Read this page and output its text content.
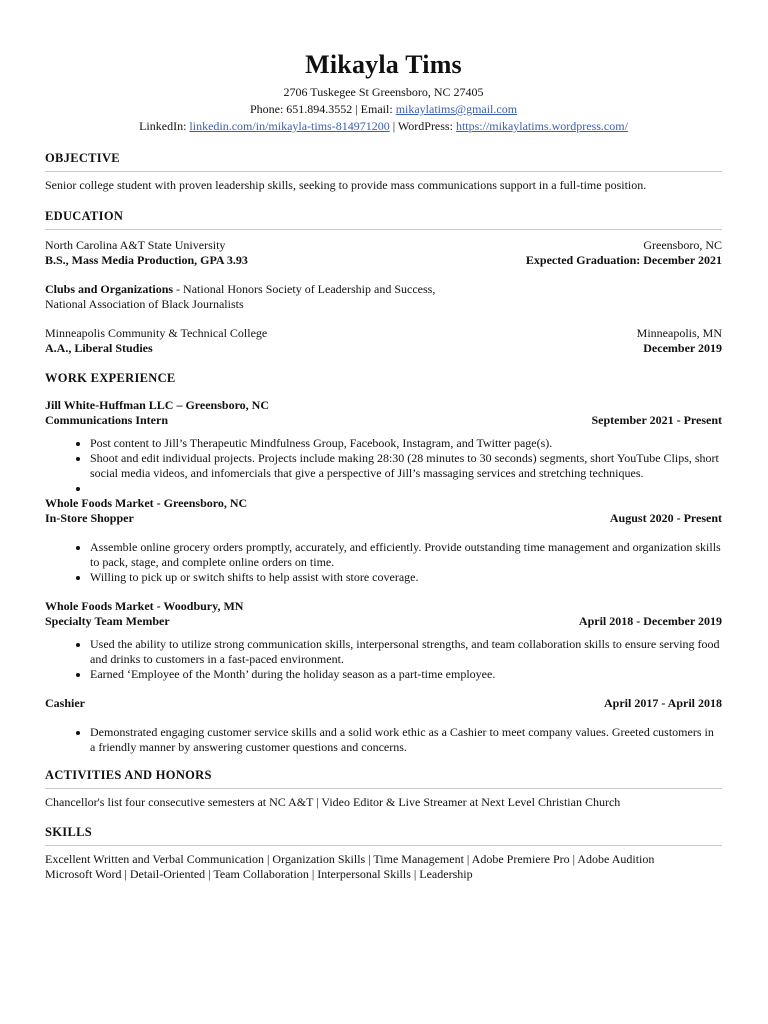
Mikayla Tims
2706 Tuskegee St Greensboro, NC 27405
Phone: 651.894.3552 | Email: mikaylatims@gmail.com
LinkedIn: linkedin.com/in/mikayla-tims-814971200 | WordPress: https://mikaylatims.wordpress.com/
OBJECTIVE
Senior college student with proven leadership skills, seeking to provide mass communications support in a full-time position.
EDUCATION
North Carolina A&T State University	Greensboro, NC
B.S., Mass Media Production, GPA 3.93	Expected Graduation: December 2021
Clubs and Organizations - National Honors Society of Leadership and Success,
National Association of Black Journalists
Minneapolis Community & Technical College	Minneapolis, MN
A.A., Liberal Studies	December 2019
WORK EXPERIENCE
Jill White-Huffman LLC – Greensboro, NC
Communications Intern	September 2021 - Present
• Post content to Jill’s Therapeutic Mindfulness Group, Facebook, Instagram, and Twitter page(s).
• Shoot and edit individual projects. Projects include making 28:30 (28 minutes to 30 seconds) segments, short YouTube Clips, short social media videos, and infomercials that give a perspective of Jill’s massaging services and stretching techniques.
•
Whole Foods Market - Greensboro, NC
In-Store Shopper	August 2020 - Present
• Assemble online grocery orders promptly, accurately, and efficiently. Provide outstanding time management and organization skills to pack, stage, and complete online orders on time.
• Willing to pick up or switch shifts to help assist with store coverage.
Whole Foods Market - Woodbury, MN
Specialty Team Member	April 2018 - December 2019
• Used the ability to utilize strong communication skills, interpersonal strengths, and team collaboration skills to ensure serving food and drinks to customers in a fast-paced environment.
• Earned ‘Employee of the Month’ during the holiday season as a part-time employee.
Cashier	April 2017 - April 2018
• Demonstrated engaging customer service skills and a solid work ethic as a Cashier to meet company values. Greeted customers in a friendly manner by answering customer questions and concerns.
ACTIVITIES AND HONORS
Chancellor's list four consecutive semesters at NC A&T | Video Editor & Live Streamer at Next Level Christian Church
SKILLS
Excellent Written and Verbal Communication | Organization Skills | Time Management | Adobe Premiere Pro | Adobe Audition
Microsoft Word | Detail-Oriented | Team Collaboration | Interpersonal Skills | Leadership
